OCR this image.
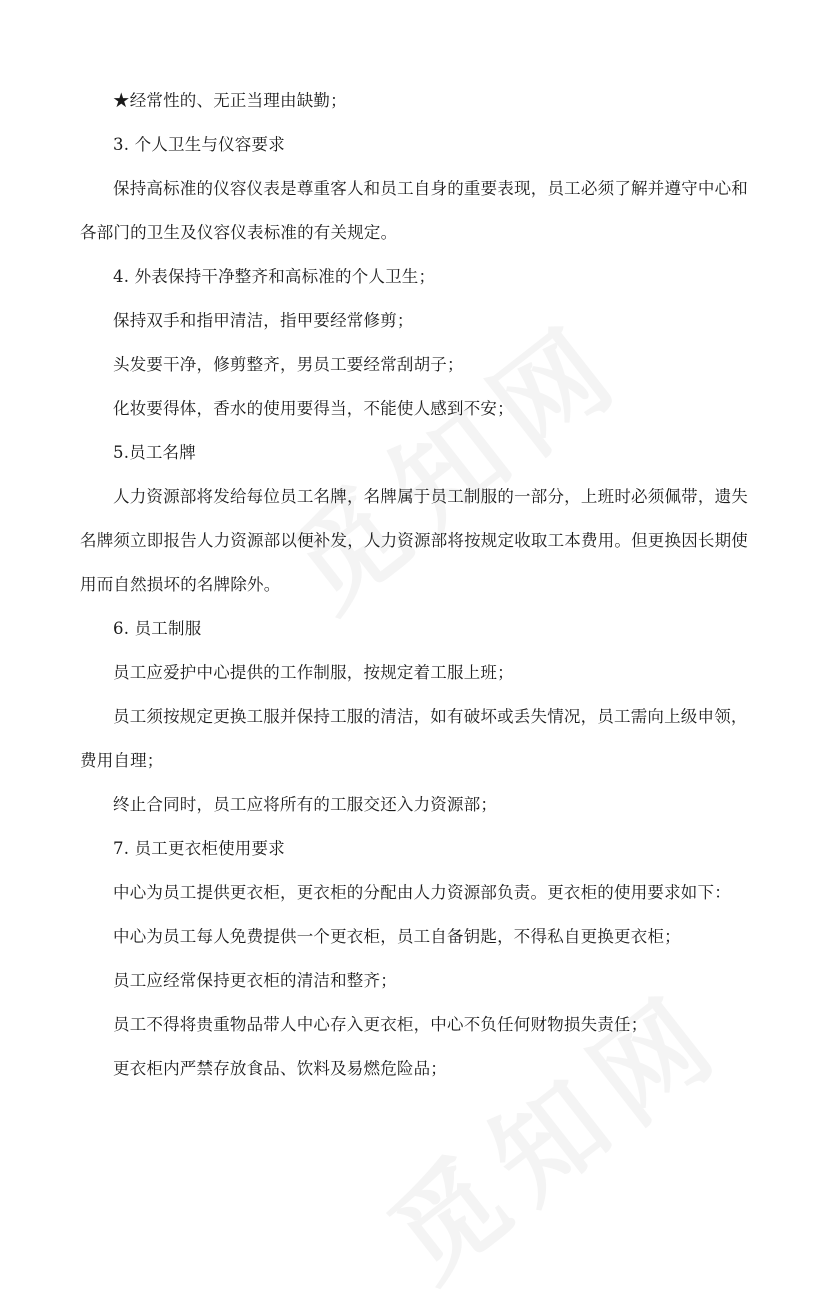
★经常性的、无正当理由缺勤；
3. 个人卫生与仪容要求
保持高标准的仪容仪表是尊重客人和员工自身的重要表现，员工必须了解并遵守中心和
各部门的卫生及仪容仪表标准的有关规定。
4. 外表保持干净整齐和高标准的个人卫生；
保持双手和指甲清洁，指甲要经常修剪；
头发要干净，修剪整齐，男员工要经常刮胡子；
化妆要得体，香水的使用要得当，不能使人感到不安；
5.员工名牌
人力资源部将发给每位员工名牌，名牌属于员工制服的一部分，上班时必须佩带，遗失
名牌须立即报告人力资源部以便补发，人力资源部将按规定收取工本费用。但更换因长期使
用而自然损坏的名牌除外。
6. 员工制服
员工应爱护中心提供的工作制服，按规定着工服上班；
员工须按规定更换工服并保持工服的清洁，如有破坏或丢失情况，员工需向上级申领，
费用自理；
终止合同时，员工应将所有的工服交还入力资源部；
7. 员工更衣柜使用要求
中心为员工提供更衣柜，更衣柜的分配由人力资源部负责。更衣柜的使用要求如下：
中心为员工每人免费提供一个更衣柜，员工自备钥匙，不得私自更换更衣柜；
员工应经常保持更衣柜的清洁和整齐；
员工不得将贵重物品带人中心存入更衣柜，中心不负任何财物损失责任；
更衣柜内严禁存放食品、饮料及易燃危险品；
